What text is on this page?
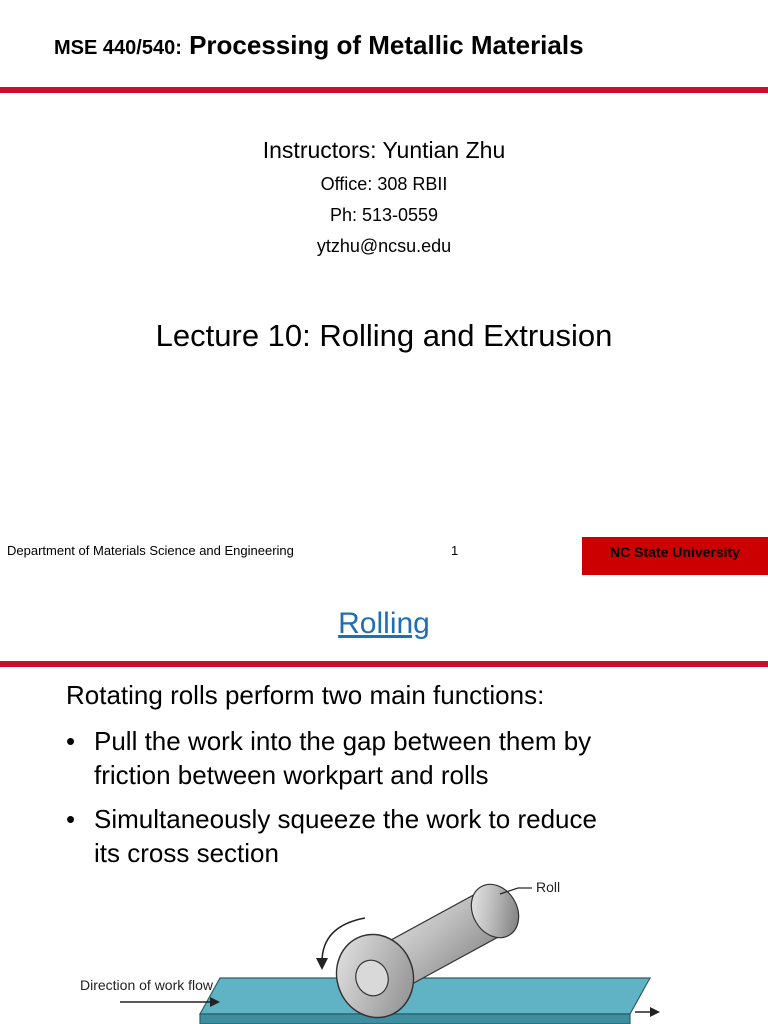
MSE 440/540: Processing of Metallic Materials
Instructors: Yuntian Zhu
Office: 308 RBII
Ph: 513-0559
ytzhu@ncsu.edu
Lecture 10: Rolling and Extrusion
Department of Materials Science and Engineering	1	NC State University
Rolling
Rotating rolls perform two main functions:
• Pull the work into the gap between them by
friction between workpart and rolls
• Simultaneously squeeze the work to reduce
its cross section
Roll
Direction of work flow
